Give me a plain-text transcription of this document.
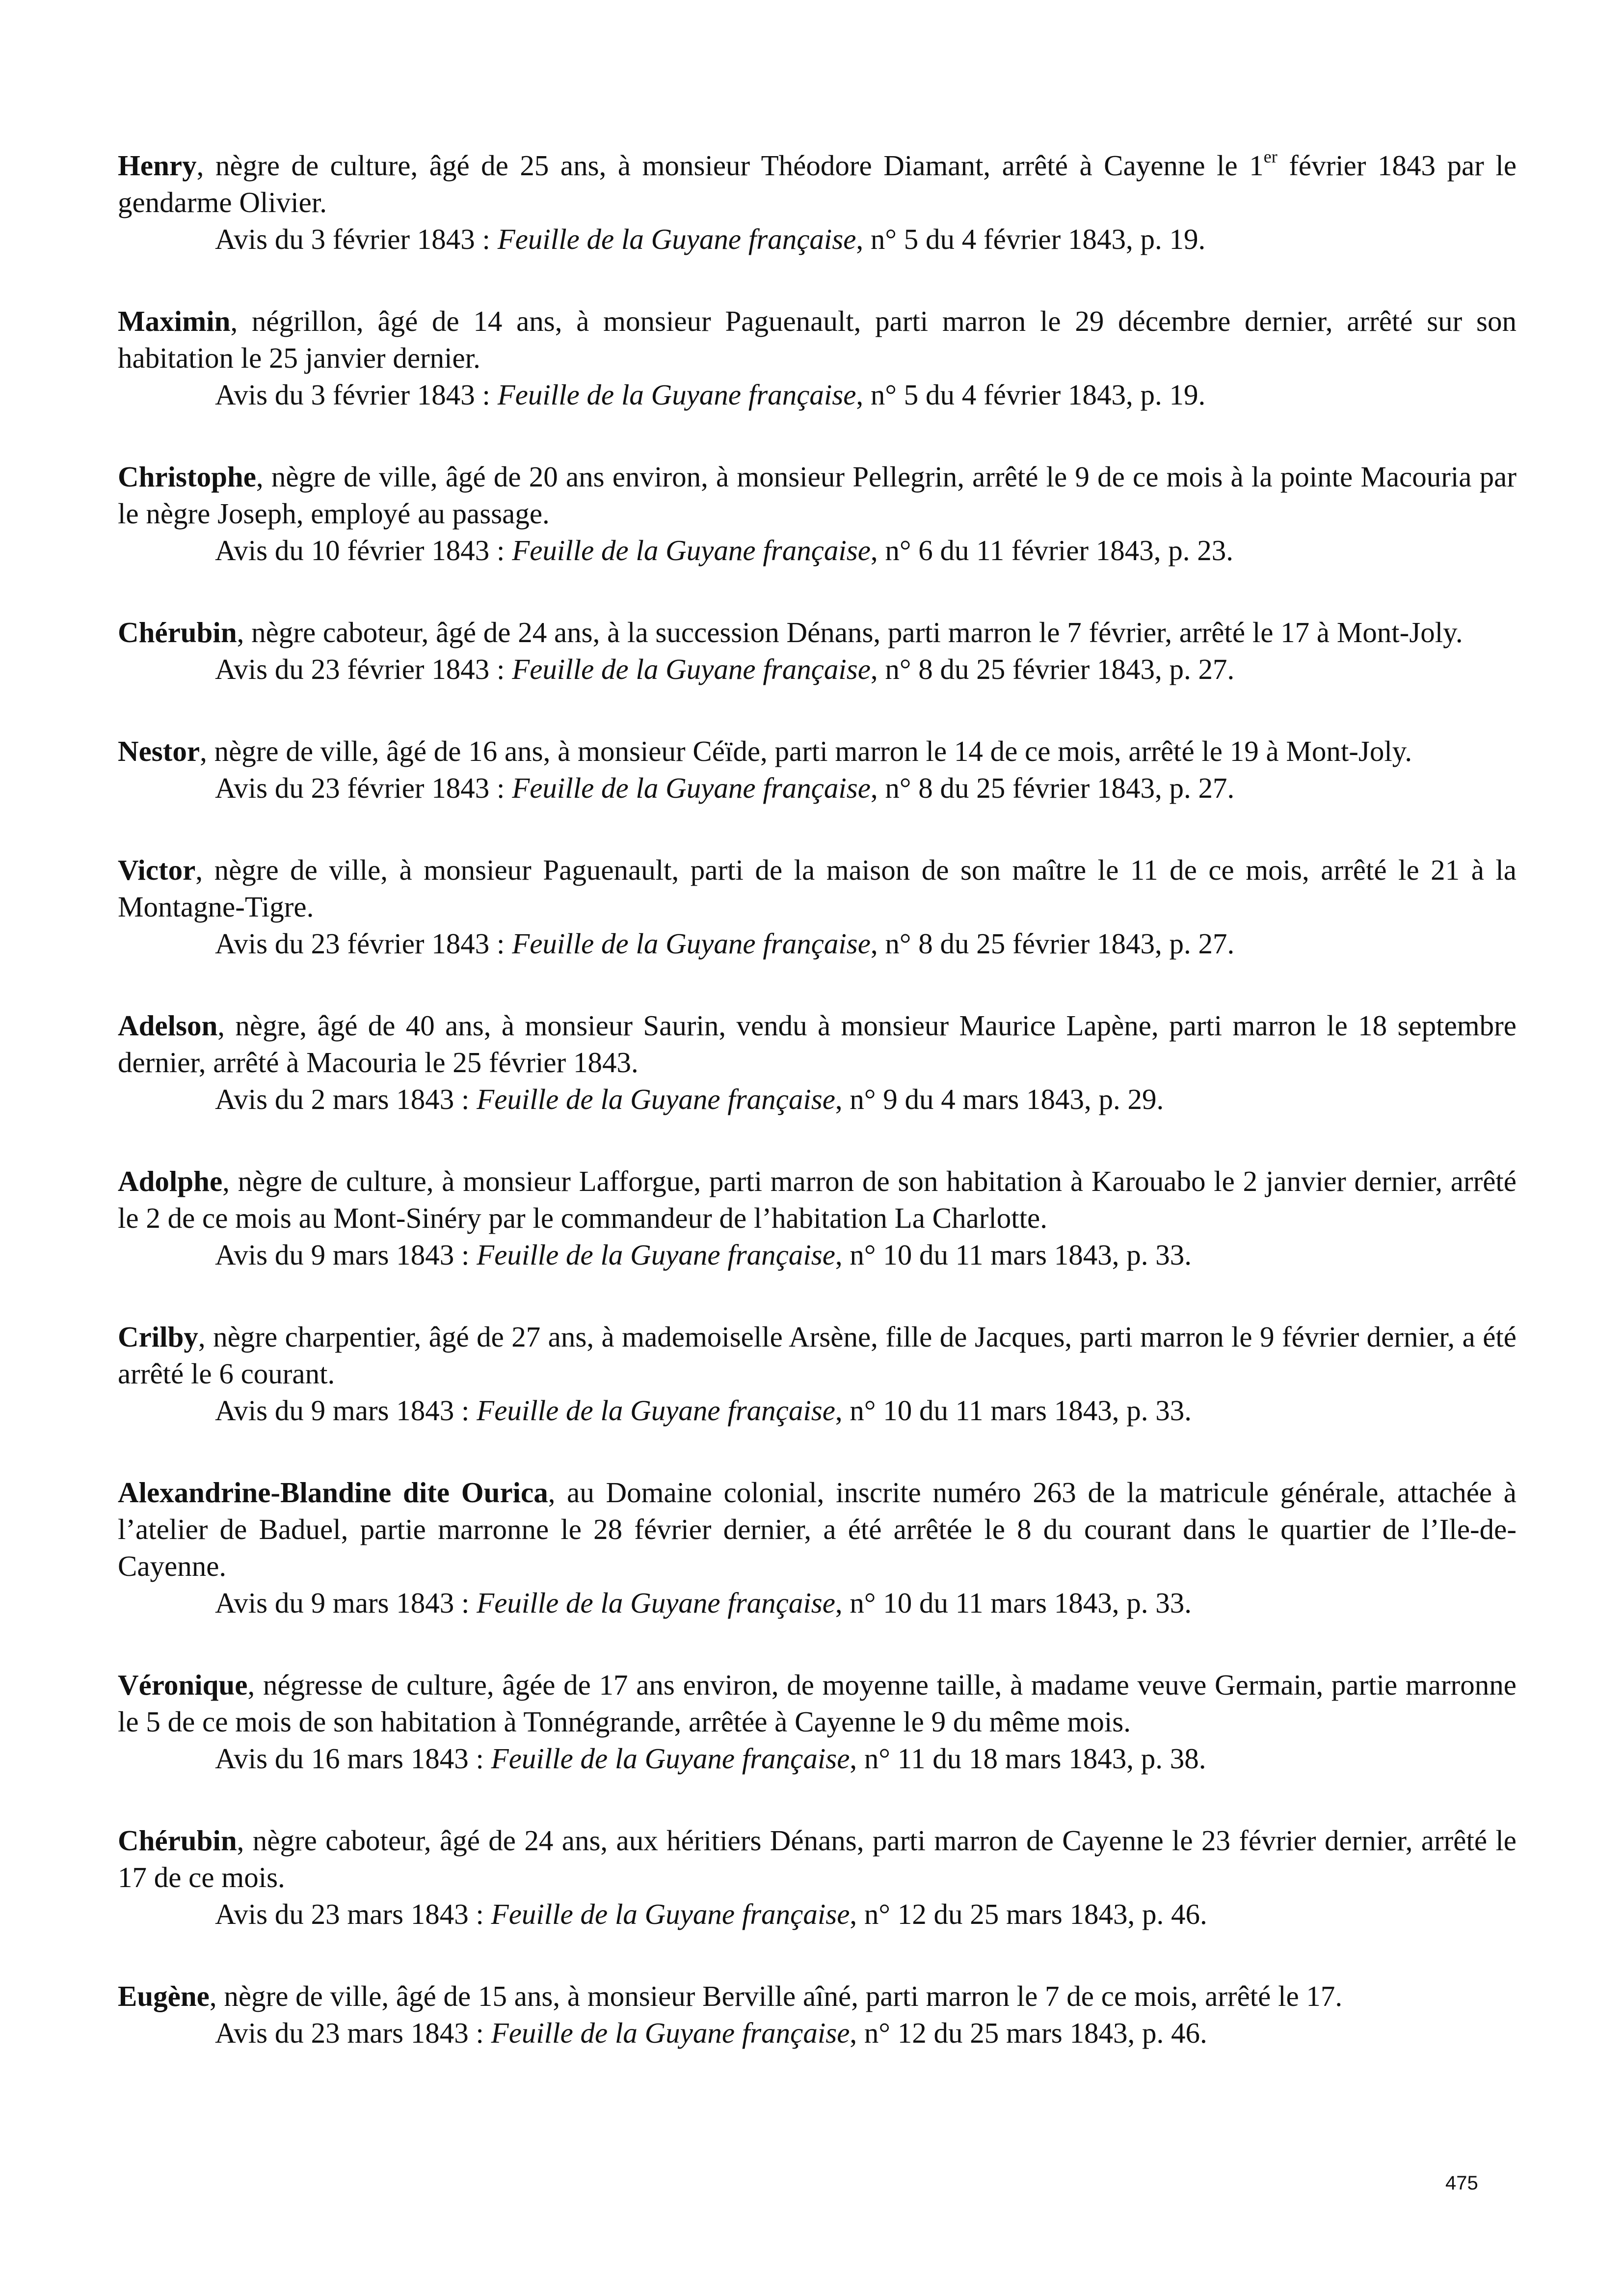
Henry, nègre de culture, âgé de 25 ans, à monsieur Théodore Diamant, arrêté à Cayenne le 1er février 1843 par le gendarme Olivier.

Avis du 3 février 1843 : Feuille de la Guyane française, n° 5 du 4 février 1843, p. 19.

Maximin, négrillon, âgé de 14 ans, à monsieur Paguenault, parti marron le 29 décembre dernier, arrêté sur son habitation le 25 janvier dernier.

Avis du 3 février 1843 : Feuille de la Guyane française, n° 5 du 4 février 1843, p. 19.

Christophe, nègre de ville, âgé de 20 ans environ, à monsieur Pellegrin, arrêté le 9 de ce mois à la pointe Macouria par le nègre Joseph, employé au passage.

Avis du 10 février 1843 : Feuille de la Guyane française, n° 6 du 11 février 1843, p. 23.

Chérubin, nègre caboteur, âgé de 24 ans, à la succession Dénans, parti marron le 7 février, arrêté le 17 à Mont-Joly.

Avis du 23 février 1843 : Feuille de la Guyane française, n° 8 du 25 février 1843, p. 27.

Nestor, nègre de ville, âgé de 16 ans, à monsieur Céïde, parti marron le 14 de ce mois, arrêté le 19 à Mont-Joly.

Avis du 23 février 1843 : Feuille de la Guyane française, n° 8 du 25 février 1843, p. 27.

Victor, nègre de ville, à monsieur Paguenault, parti de la maison de son maître le 11 de ce mois, arrêté le 21 à la Montagne-Tigre.

Avis du 23 février 1843 : Feuille de la Guyane française, n° 8 du 25 février 1843, p. 27.

Adelson, nègre, âgé de 40 ans, à monsieur Saurin, vendu à monsieur Maurice Lapène, parti marron le 18 septembre dernier, arrêté à Macouria le 25 février 1843.

Avis du 2 mars 1843 : Feuille de la Guyane française, n° 9 du 4 mars 1843, p. 29.

Adolphe, nègre de culture, à monsieur Lafforgue, parti marron de son habitation à Karouabo le 2 janvier dernier, arrêté le 2 de ce mois au Mont-Sinéry par le commandeur de l’habitation La Charlotte.

Avis du 9 mars 1843 : Feuille de la Guyane française, n° 10 du 11 mars 1843, p. 33.

Crilby, nègre charpentier, âgé de 27 ans, à mademoiselle Arsène, fille de Jacques, parti marron le 9 février dernier, a été arrêté le 6 courant.

Avis du 9 mars 1843 : Feuille de la Guyane française, n° 10 du 11 mars 1843, p. 33.

Alexandrine-Blandine dite Ourica, au Domaine colonial, inscrite numéro 263 de la matricule générale, attachée à l’atelier de Baduel, partie marronne le 28 février dernier, a été arrêtée le 8 du courant dans le quartier de l’Ile-de-Cayenne.

Avis du 9 mars 1843 : Feuille de la Guyane française, n° 10 du 11 mars 1843, p. 33.

Véronique, négresse de culture, âgée de 17 ans environ, de moyenne taille, à madame veuve Germain, partie marronne le 5 de ce mois de son habitation à Tonnégrande, arrêtée à Cayenne le 9 du même mois.

Avis du 16 mars 1843 : Feuille de la Guyane française, n° 11 du 18 mars 1843, p. 38.

Chérubin, nègre caboteur, âgé de 24 ans, aux héritiers Dénans, parti marron de Cayenne le 23 février dernier, arrêté le 17 de ce mois.

Avis du 23 mars 1843 : Feuille de la Guyane française, n° 12 du 25 mars 1843, p. 46.

Eugène, nègre de ville, âgé de 15 ans, à monsieur Berville aîné, parti marron le 7 de ce mois, arrêté le 17.

Avis du 23 mars 1843 : Feuille de la Guyane française, n° 12 du 25 mars 1843, p. 46.

475
